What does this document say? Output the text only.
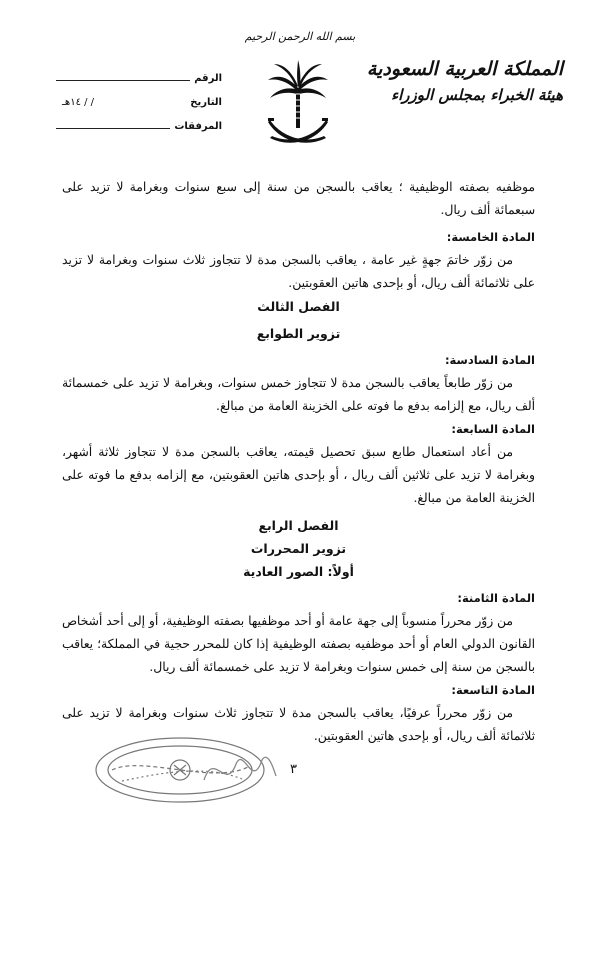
بسم الله الرحمن الرحيم
المملكة العربية السعودية
هيئة الخبراء بمجلس الوزراء
الرقم
التاريخ
/ / ١٤هـ
المرفقات

موظفيه بصفته الوظيفية ؛ يعاقب بالسجن من سنة إلى سبع سنوات وبغرامة لا تزيد على سبعمائة ألف ريال.

المادة الخامسة:

من زوّر خاتمَ جهةٍ غير عامة ، يعاقب بالسجن مدة لا تتجاوز ثلاث سنوات وبغرامة لا تزيد على ثلاثمائة ألف ريال، أو بإحدى هاتين العقوبتين.

الفصل الثالث

تزوير الطوابع

المادة السادسة:

من زوّر طابعاً يعاقب بالسجن مدة لا تتجاوز خمس سنوات، وبغرامة لا تزيد على خمسمائة ألف ريال، مع إلزامه بدفع ما فوته على الخزينة العامة من مبالغ.

المادة السابعة:

من أعاد استعمال طابع سبق تحصيل قيمته، يعاقب بالسجن مدة لا تتجاوز ثلاثة أشهر، وبغرامة لا تزيد على ثلاثين ألف ريال ، أو بإحدى هاتين العقوبتين، مع إلزامه بدفع ما فوته على الخزينة العامة من مبالغ.

الفصل الرابع

تزوير المحررات

أولاً: الصور العادية

المادة الثامنة:

من زوّر محرراً منسوباً إلى جهة عامة أو أحد موظفيها بصفته الوظيفية، أو إلى أحد أشخاص القانون الدولي العام أو أحد موظفيه بصفته الوظيفية إذا كان للمحرر حجية في المملكة؛ يعاقب بالسجن من سنة إلى خمس سنوات وبغرامة لا تزيد على خمسمائة ألف ريال.

المادة التاسعة:

من زوّر محرراً عرفيًا، يعاقب بالسجن مدة لا تتجاوز ثلاث سنوات وبغرامة لا تزيد على ثلاثمائة ألف ريال، أو بإحدى هاتين العقوبتين.

٣
